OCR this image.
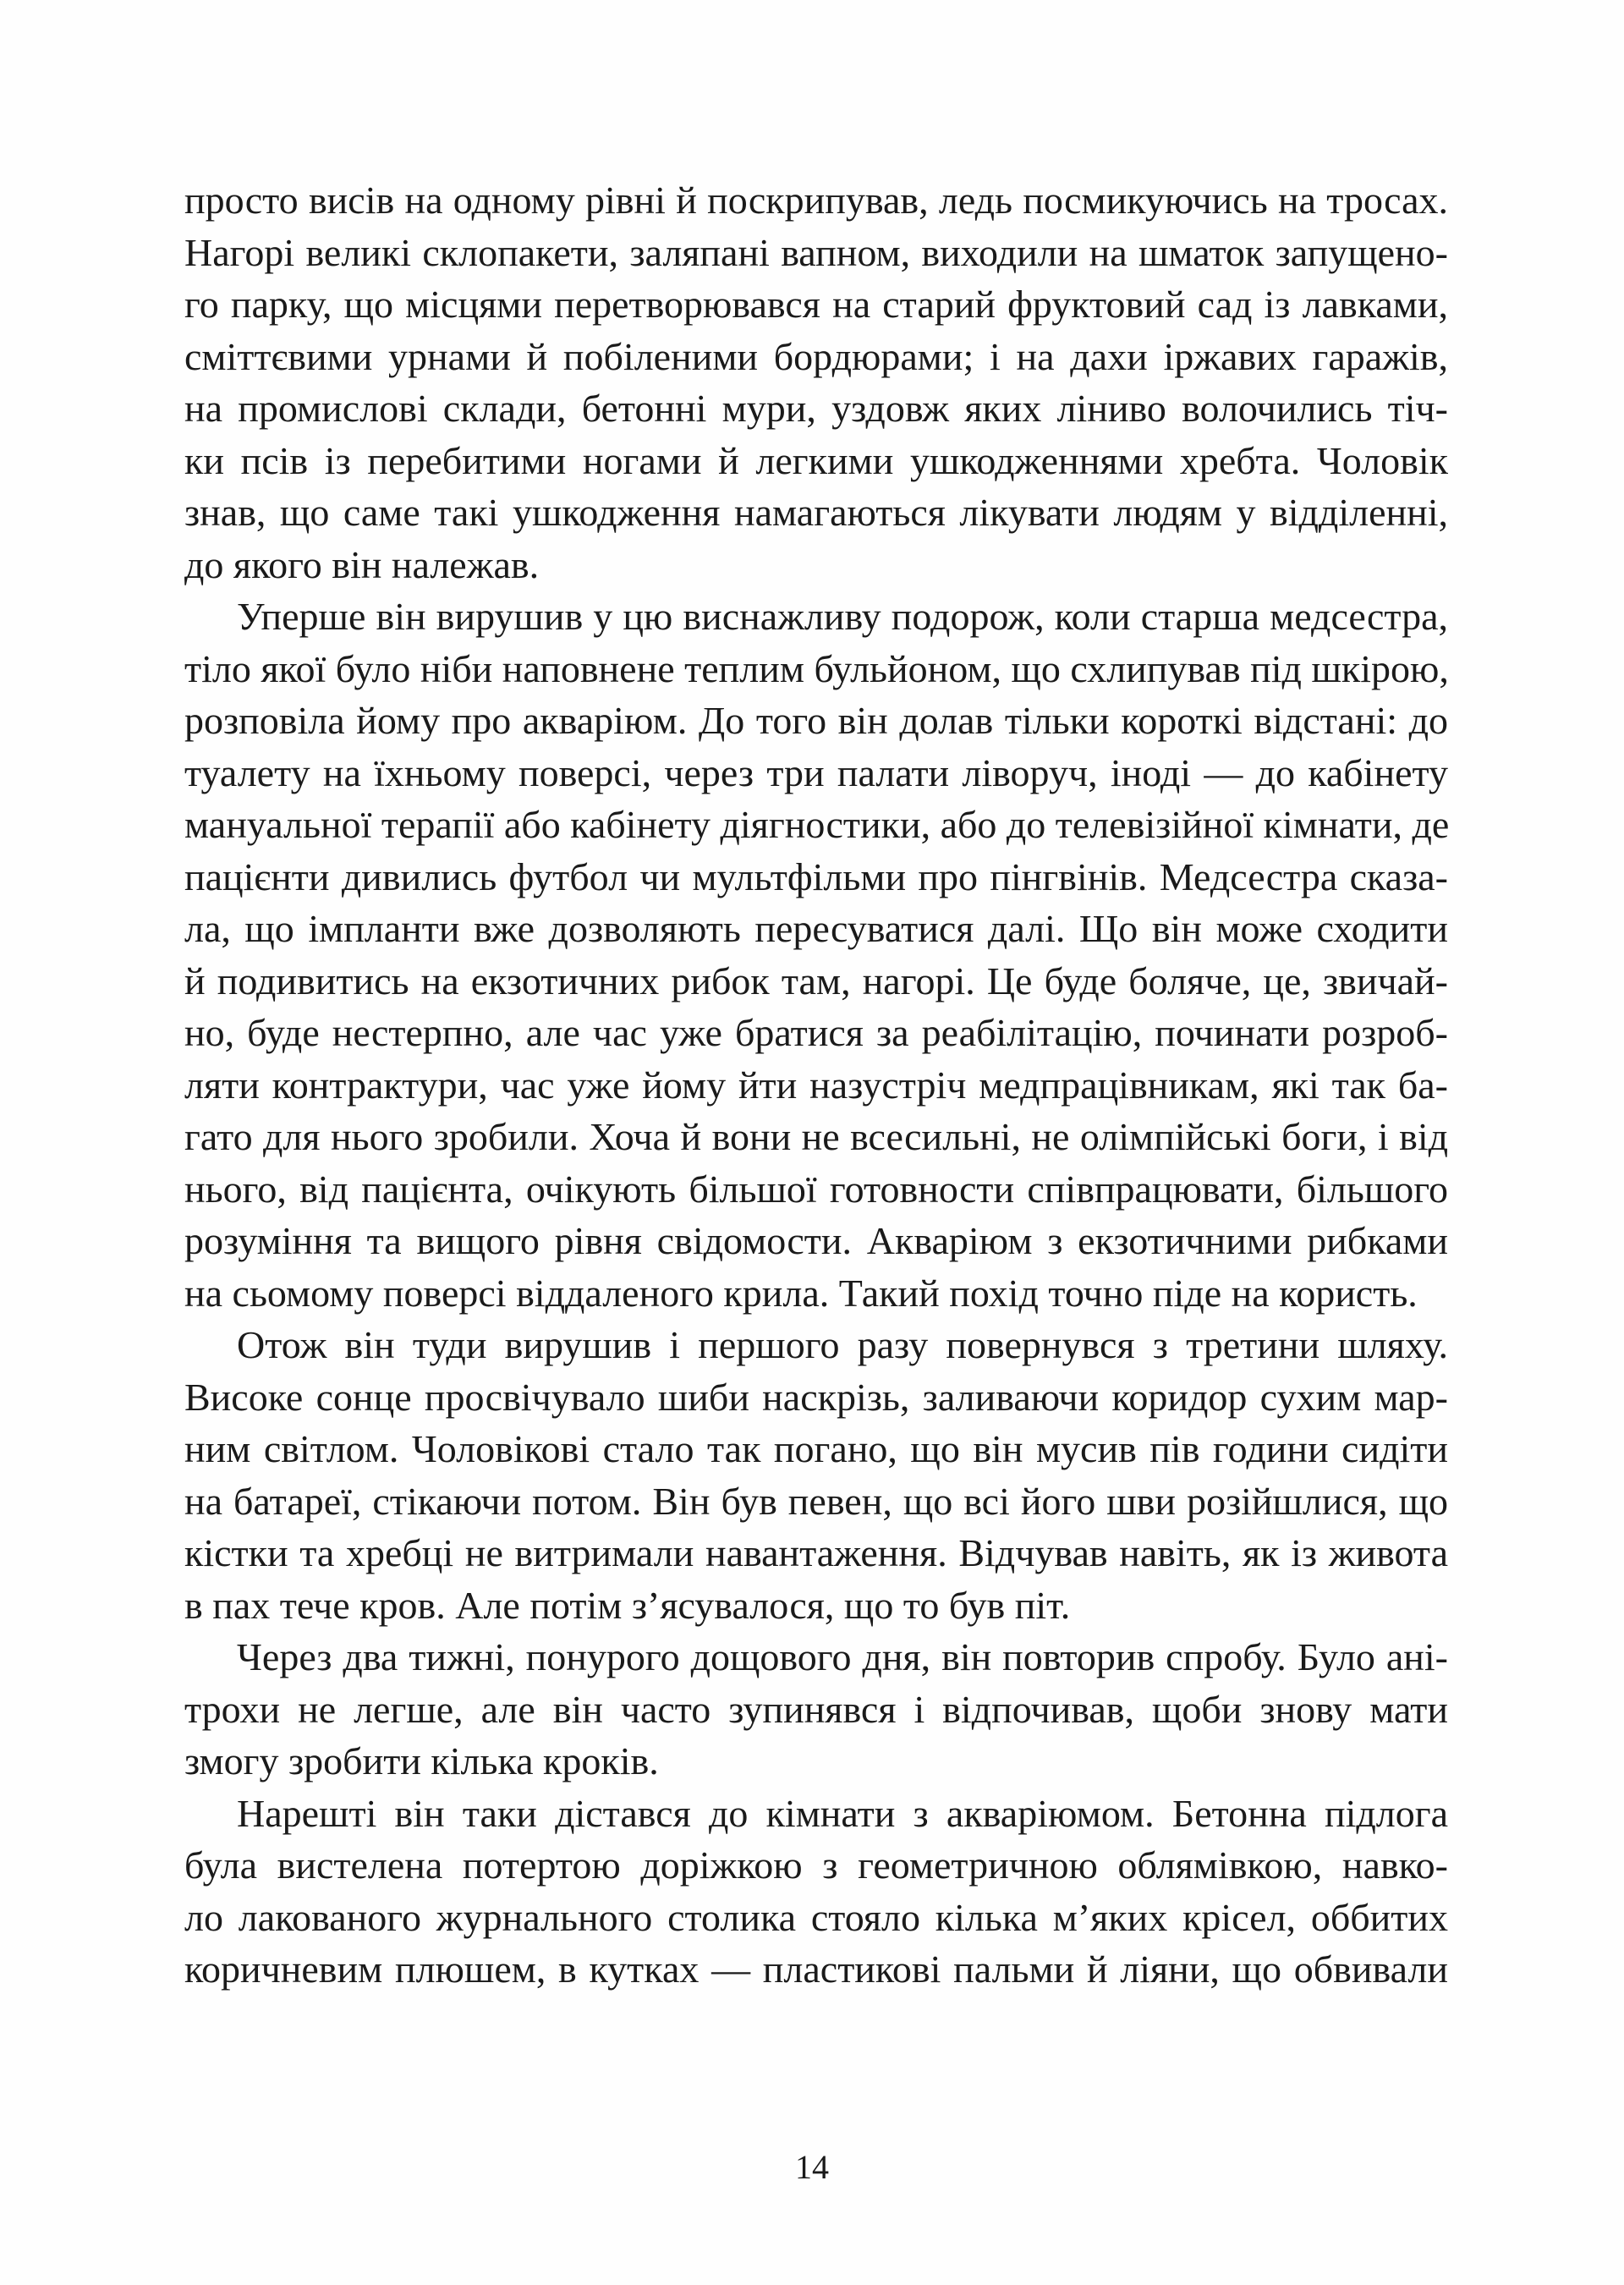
просто висів на одному рівні й поскрипував, ледь посмикуючись на тросах.
Нагорі великі склопакети, заляпані вапном, виходили на шматок запущено-
го парку, що місцями перетворювався на старий фруктовий сад із лавками,
сміттєвими урнами й побіленими бордюрами; і на дахи іржавих гаражів,
на промислові склади, бетонні мури, уздовж яких ліниво волочились тіч-
ки псів із перебитими ногами й легкими ушкодженнями хребта. Чоловік
знав, що саме такі ушкодження намагаються лікувати людям у відділенні,
до якого він належав.
Уперше він вирушив у цю виснажливу подорож, коли старша медсестра,
тіло якої було ніби наповнене теплим бульйоном, що схлипував під шкірою,
розповіла йому про акваріюм. До того він долав тільки короткі відстані: до
туалету на їхньому поверсі, через три палати ліворуч, іноді — до кабінету
мануальної терапії або кабінету діягностики, або до телевізійної кімнати, де
пацієнти дивились футбол чи мультфільми про пінгвінів. Медсестра сказа-
ла, що імпланти вже дозволяють пересуватися далі. Що він може сходити
й подивитись на екзотичних рибок там, нагорі. Це буде боляче, це, звичай-
но, буде нестерпно, але час уже братися за реабілітацію, починати розроб-
ляти контрактури, час уже йому йти назустріч медпрацівникам, які так ба-
гато для нього зробили. Хоча й вони не всесильні, не олімпійські боги, і від
нього, від пацієнта, очікують більшої готовности співпрацювати, більшого
розуміння та вищого рівня свідомости. Акваріюм з екзотичними рибками
на сьомому поверсі віддаленого крила. Такий похід точно піде на користь.
Отож він туди вирушив і першого разу повернувся з третини шляху.
Високе сонце просвічувало шиби наскрізь, заливаючи коридор сухим мар-
ним світлом. Чоловікові стало так погано, що він мусив пів години сидіти
на батареї, стікаючи потом. Він був певен, що всі його шви розійшлися, що
кістки та хребці не витримали навантаження. Відчував навіть, як із живота
в пах тече кров. Але потім з’ясувалося, що то був піт.
Через два тижні, понурого дощового дня, він повторив спробу. Було ані-
трохи не легше, але він часто зупинявся і відпочивав, щоби знову мати
змогу зробити кілька кроків.
Нарешті він таки дістався до кімнати з акваріюмом. Бетонна підлога
була вистелена потертою доріжкою з геометричною облямівкою, навко-
ло лакованого журнального столика стояло кілька м’яких крісел, оббитих
коричневим плюшем, в кутках — пластикові пальми й ліяни, що обвивали
14
